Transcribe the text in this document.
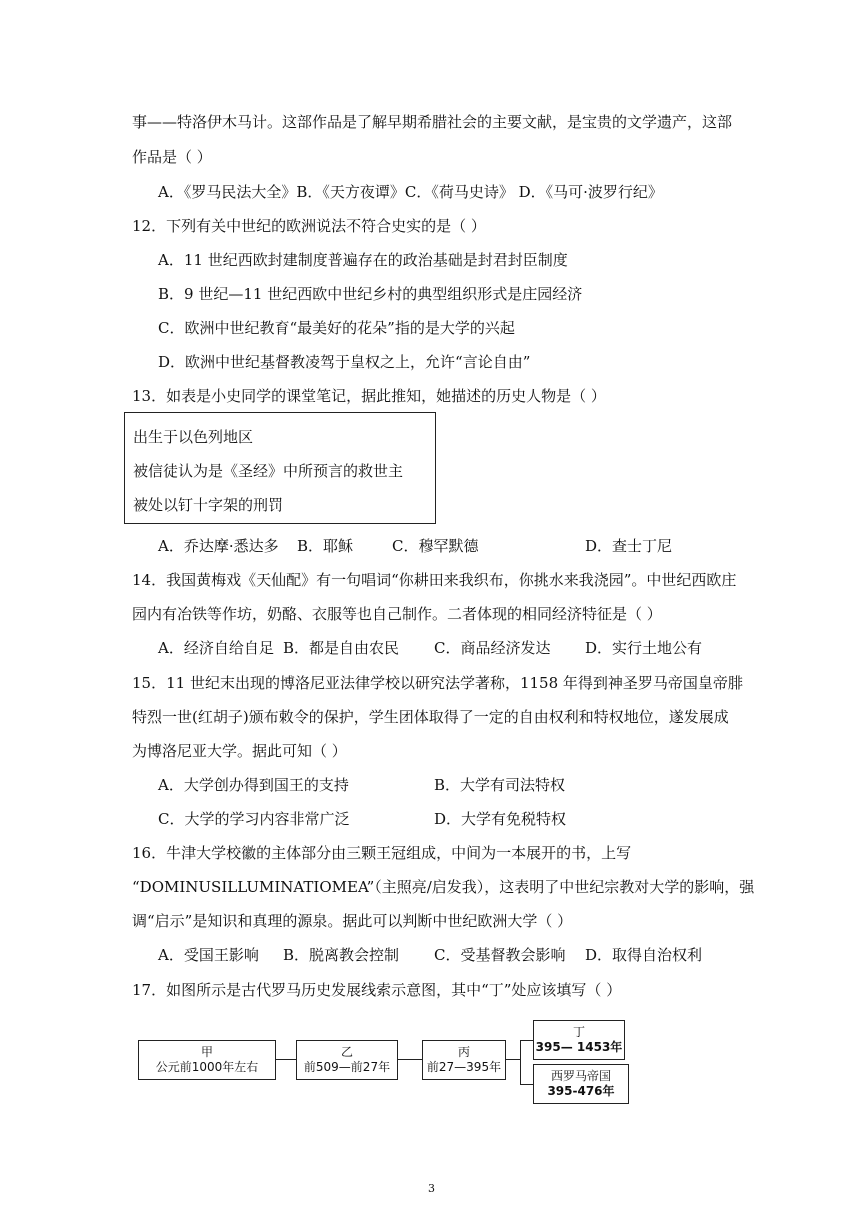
事——特洛伊木马计。这部作品是了解早期希腊社会的主要文献，是宝贵的文学遗产，这部
作品是（ ）
A．《罗马民法大全》B．《天方夜谭》C．《荷马史诗》 D．《马可·波罗行纪》
12．下列有关中世纪的欧洲说法不符合史实的是（ ）
A．11 世纪西欧封建制度普遍存在的政治基础是封君封臣制度
B．9 世纪—11 世纪西欧中世纪乡村的典型组织形式是庄园经济
C．欧洲中世纪教育“最美好的花朵”指的是大学的兴起
D．欧洲中世纪基督教凌驾于皇权之上，允许“言论自由”
13．如表是小史同学的课堂笔记，据此推知，她描述的历史人物是（ ）
出生于以色列地区
被信徒认为是《圣经》中所预言的救世主
被处以钉十字架的刑罚
A．乔达摩·悉达多 B．耶稣	C．穆罕默德	D．查士丁尼
14．我国黄梅戏《天仙配》有一句唱词“你耕田来我织布，你挑水来我浇园”。中世纪西欧庄
园内有冶铁等作坊，奶酪、衣服等也自己制作。二者体现的相同经济特征是（ ）
A．经济自给自足 B．都是自由农民 C．商品经济发达 D．实行土地公有
15．11 世纪末出现的博洛尼亚法律学校以研究法学著称，1158 年得到神圣罗马帝国皇帝腓
特烈一世(红胡子)颁布敕令的保护，学生团体取得了一定的自由权利和特权地位，遂发展成
为博洛尼亚大学。据此可知（ ）
A．大学创办得到国王的支持	B．大学有司法特权
C．大学的学习内容非常广泛	D．大学有免税特权
16．牛津大学校徽的主体部分由三颗王冠组成，中间为一本展开的书，上写
“DOMINUSILLUMINATIOMEA”（主照亮/启发我），这表明了中世纪宗教对大学的影响，强
调“启示”是知识和真理的源泉。据此可以判断中世纪欧洲大学（ ）
A．受国王影响 B．脱离教会控制 C．受基督教会影响 D．取得自治权利
17．如图所示是古代罗马历史发展线索示意图，其中“丁”处应该填写（ ）
甲
公元前1000年左右
乙
前509—前27年
丙
前27—395年
丁
395— 1453年
西罗马帝国
395-476年
3
